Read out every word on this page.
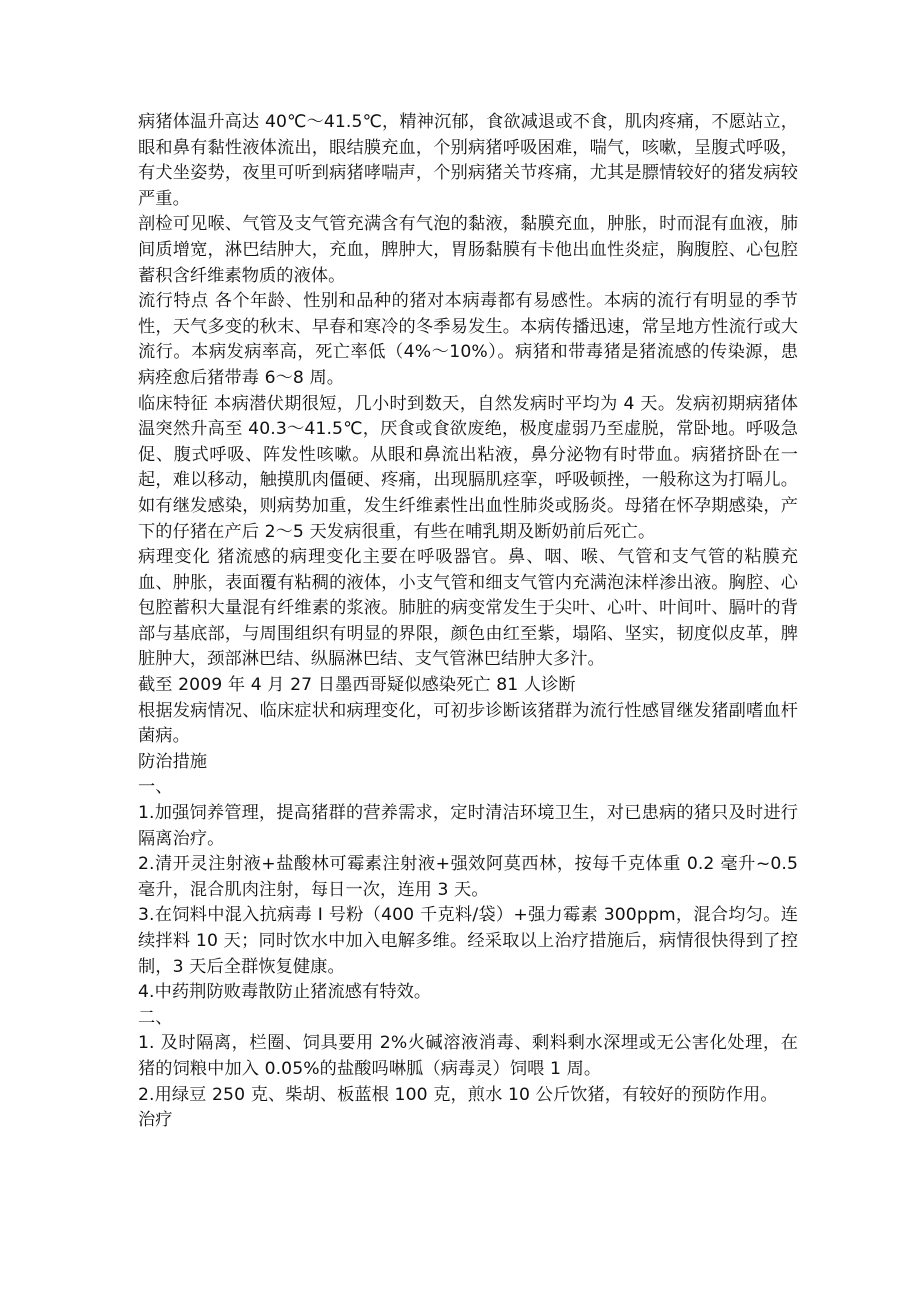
病猪体温升高达 40℃～41.5℃，精神沉郁，食欲减退或不食，肌肉疼痛，不愿站立，眼和鼻有黏性液体流出，眼结膜充血，个别病猪呼吸困难，喘气，咳嗽，呈腹式呼吸，有犬坐姿势，夜里可听到病猪哮喘声，个别病猪关节疼痛，尤其是膘情较好的猪发病较严重。

剖检可见喉、气管及支气管充满含有气泡的黏液，黏膜充血，肿胀，时而混有血液，肺间质增宽，淋巴结肿大，充血，脾肿大，胃肠黏膜有卡他出血性炎症，胸腹腔、心包腔蓄积含纤维素物质的液体。

流行特点 各个年龄、性别和品种的猪对本病毒都有易感性。本病的流行有明显的季节性，天气多变的秋末、早春和寒冷的冬季易发生。本病传播迅速，常呈地方性流行或大流行。本病发病率高，死亡率低（4%～10%）。病猪和带毒猪是猪流感的传染源，患病痊愈后猪带毒 6～8 周。

临床特征 本病潜伏期很短，几小时到数天，自然发病时平均为 4 天。发病初期病猪体温突然升高至 40.3～41.5℃，厌食或食欲废绝，极度虚弱乃至虚脱，常卧地。呼吸急促、腹式呼吸、阵发性咳嗽。从眼和鼻流出粘液，鼻分泌物有时带血。病猪挤卧在一起，难以移动，触摸肌肉僵硬、疼痛，出现膈肌痉挛，呼吸顿挫，一般称这为打嗝儿。如有继发感染，则病势加重，发生纤维素性出血性肺炎或肠炎。母猪在怀孕期感染，产下的仔猪在产后 2～5 天发病很重，有些在哺乳期及断奶前后死亡。

病理变化 猪流感的病理变化主要在呼吸器官。鼻、咽、喉、气管和支气管的粘膜充血、肿胀，表面覆有粘稠的液体，小支气管和细支气管内充满泡沫样渗出液。胸腔、心包腔蓄积大量混有纤维素的浆液。肺脏的病变常发生于尖叶、心叶、叶间叶、膈叶的背部与基底部，与周围组织有明显的界限，颜色由红至紫，塌陷、坚实，韧度似皮革，脾脏肿大，颈部淋巴结、纵膈淋巴结、支气管淋巴结肿大多汁。

截至 2009 年 4 月 27 日墨西哥疑似感染死亡 81 人诊断

根据发病情况、临床症状和病理变化，可初步诊断该猪群为流行性感冒继发猪副嗜血杆菌病。

防治措施

一、

1.加强饲养管理，提高猪群的营养需求，定时清洁环境卫生，对已患病的猪只及时进行隔离治疗。

2.清开灵注射液+盐酸林可霉素注射液+强效阿莫西林，按每千克体重 0.2 毫升~0.5 毫升，混合肌肉注射，每日一次，连用 3 天。

3.在饲料中混入抗病毒 I 号粉（400 千克料/袋）+强力霉素 300ppm，混合均匀。连续拌料 10 天；同时饮水中加入电解多维。经采取以上治疗措施后，病情很快得到了控制，3 天后全群恢复健康。

4.中药荆防败毒散防止猪流感有特效。

二、

1. 及时隔离，栏圈、饲具要用 2%火碱溶液消毒、剩料剩水深埋或无公害化处理，在猪的饲粮中加入 0.05%的盐酸吗啉胍（病毒灵）饲喂 1 周。

2.用绿豆 250 克、柴胡、板蓝根 100 克，煎水 10 公斤饮猪，有较好的预防作用。

治疗
